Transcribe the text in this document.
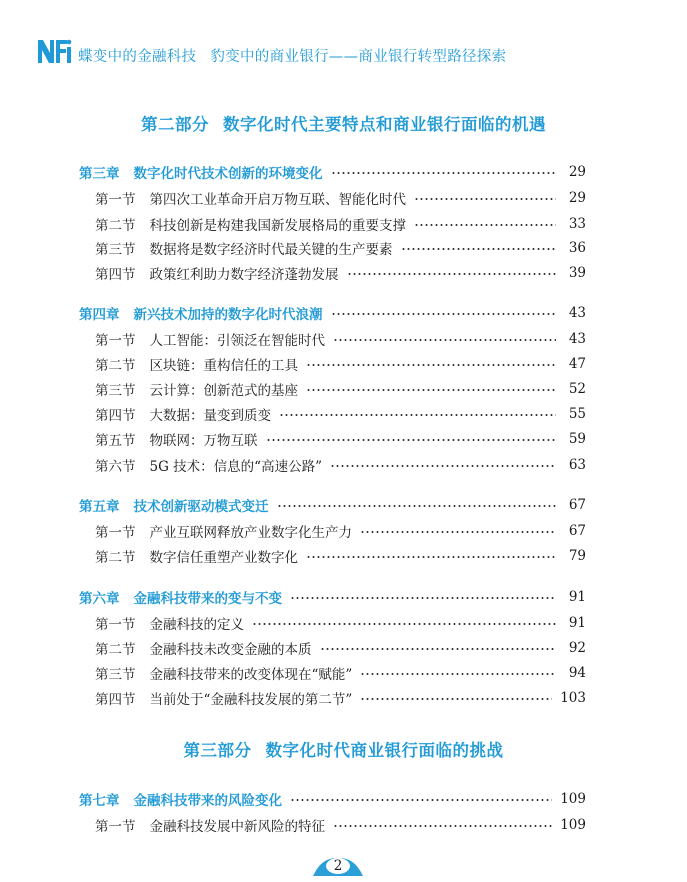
蝶变中的金融科技 豹变中的商业银行——商业银行转型路径探索
第二部分 数字化时代主要特点和商业银行面临的机遇
第三章 数字化时代技术创新的环境变化	29
第一节 第四次工业革命开启万物互联、智能化时代	29
第二节 科技创新是构建我国新发展格局的重要支撑	33
第三节 数据将是数字经济时代最关键的生产要素	36
第四节 政策红利助力数字经济蓬勃发展	39
第四章 新兴技术加持的数字化时代浪潮	43
第一节 人工智能：引领泛在智能时代	43
第二节 区块链：重构信任的工具	47
第三节 云计算：创新范式的基座	52
第四节 大数据：量变到质变	55
第五节 物联网：万物互联	59
第六节 5G 技术：信息的“高速公路”	63
第五章 技术创新驱动模式变迁	67
第一节 产业互联网释放产业数字化生产力	67
第二节 数字信任重塑产业数字化	79
第六章 金融科技带来的变与不变	91
第一节 金融科技的定义	91
第二节 金融科技未改变金融的本质	92
第三节 金融科技带来的改变体现在“赋能”	94
第四节 当前处于“金融科技发展的第二节”	103
第三部分 数字化时代商业银行面临的挑战
第七章 金融科技带来的风险变化	109
第一节 金融科技发展中新风险的特征	109
2
